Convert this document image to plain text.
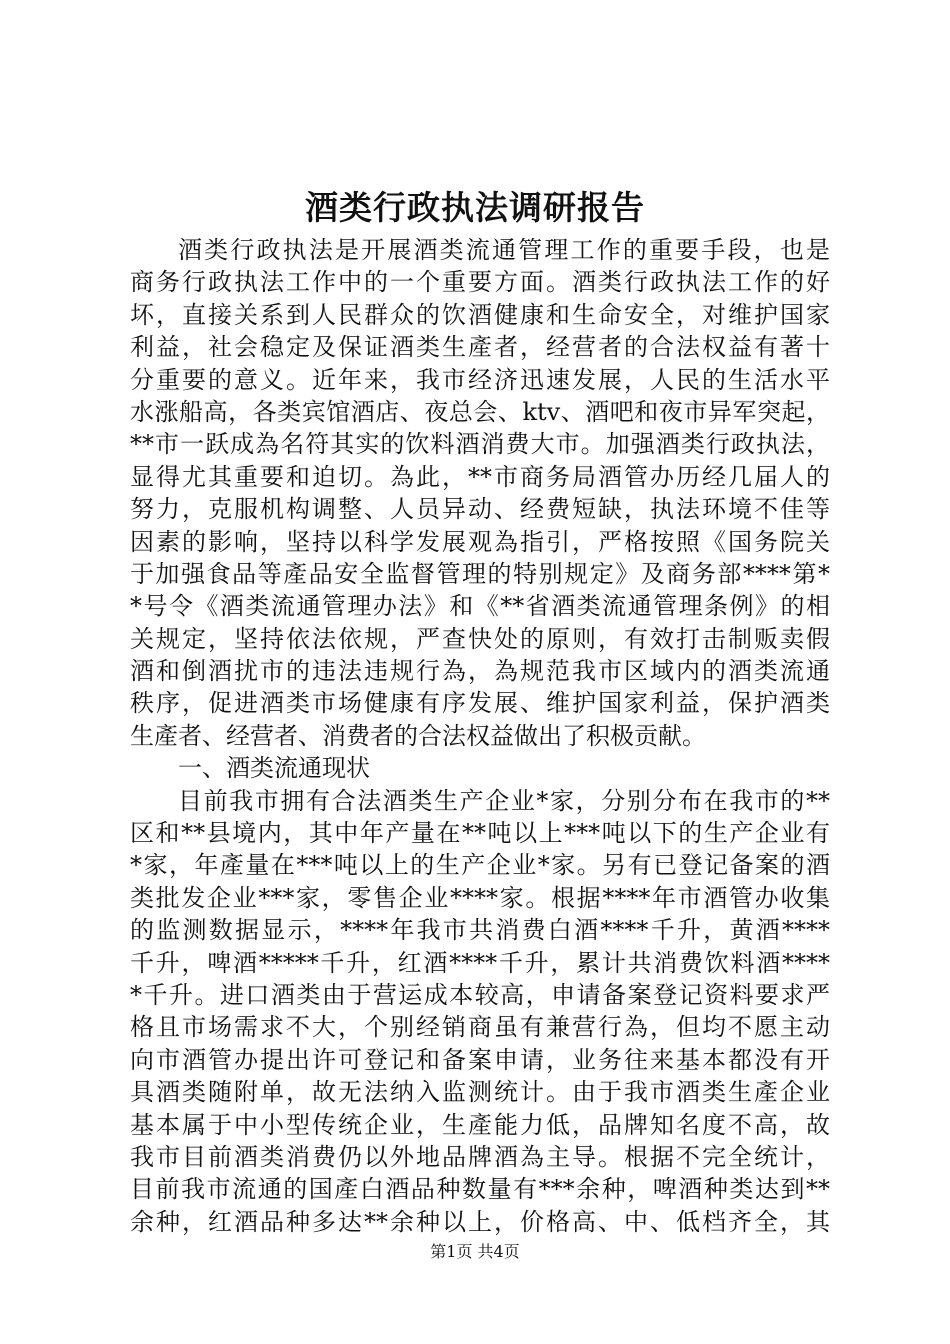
酒类行政执法调研报告
酒类行政执法是开展酒类流通管理工作的重要手段，也是
商务行政执法工作中的一个重要方面。酒类行政执法工作的好
坏，直接关系到人民群众的饮酒健康和生命安全，对维护国家
利益，社会稳定及保证酒类生產者，经营者的合法权益有著十
分重要的意义。近年来，我市经济迅速发展，人民的生活水平
水涨船高，各类宾馆酒店、夜总会、ktv、酒吧和夜市异军突起，
**市一跃成為名符其实的饮料酒消费大市。加强酒类行政执法，
显得尤其重要和迫切。為此，**市商务局酒管办历经几届人的
努力，克服机构调整、人员异动、经费短缺，执法环境不佳等
因素的影响，坚持以科学发展观為指引，严格按照《国务院关
于加强食品等產品安全监督管理的特别规定》及商务部****第*
*号令《酒类流通管理办法》和《**省酒类流通管理条例》的相
关规定，坚持依法依规，严查快处的原则，有效打击制贩卖假
酒和倒酒扰市的违法违规行為，為规范我市区域内的酒类流通
秩序，促进酒类市场健康有序发展、维护国家利益，保护酒类
生產者、经营者、消费者的合法权益做出了积极贡献。
一、酒类流通现状
目前我市拥有合法酒类生产企业*家，分别分布在我市的**
区和**县境内，其中年产量在**吨以上***吨以下的生产企业有
*家，年產量在***吨以上的生产企业*家。另有已登记备案的酒
类批发企业***家，零售企业****家。根据****年市酒管办收集
的监测数据显示，****年我市共消费白酒****千升，黄酒****
千升，啤酒*****千升，红酒****千升，累计共消费饮料酒****
*千升。进口酒类由于营运成本较高，申请备案登记资料要求严
格且市场需求不大，个别经销商虽有兼营行為，但均不愿主动
向市酒管办提出许可登记和备案申请，业务往来基本都没有开
具酒类随附单，故无法纳入监测统计。由于我市酒类生產企业
基本属于中小型传统企业，生產能力低，品牌知名度不高，故
我市目前酒类消费仍以外地品牌酒為主导。根据不完全统计，
目前我市流通的国產白酒品种数量有***余种，啤酒种类达到**
余种，红酒品种多达**余种以上，价格高、中、低档齐全，其
第1页 共4页
